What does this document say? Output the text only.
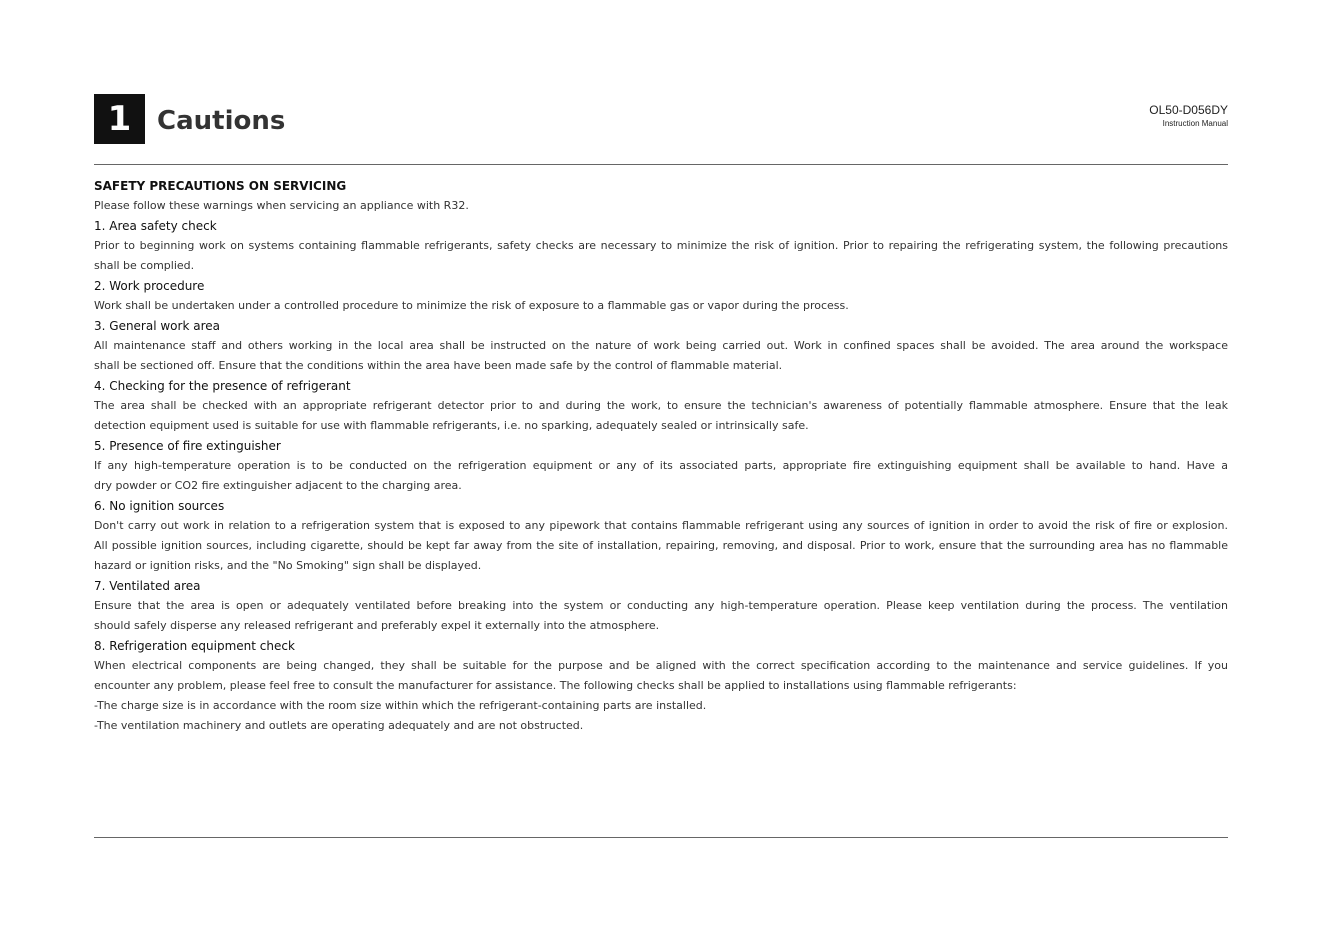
1 Cautions	OL50-D056DY
Instruction Manual
SAFETY PRECAUTIONS ON SERVICING
Please follow these warnings when servicing an appliance with R32.
1. Area safety check
Prior to beginning work on systems containing flammable refrigerants, safety checks are necessary to minimize the risk of ignition. Prior to repairing the refrigerating system, the following precautions
shall be complied.
2. Work procedure
Work shall be undertaken under a controlled procedure to minimize the risk of exposure to a flammable gas or vapor during the process.
3. General work area
All maintenance staff and others working in the local area shall be instructed on the nature of work being carried out. Work in confined spaces shall be avoided. The area around the workspace
shall be sectioned off. Ensure that the conditions within the area have been made safe by the control of flammable material.
4. Checking for the presence of refrigerant
The area shall be checked with an appropriate refrigerant detector prior to and during the work, to ensure the technician's awareness of potentially flammable atmosphere. Ensure that the leak
detection equipment used is suitable for use with flammable refrigerants, i.e. no sparking, adequately sealed or intrinsically safe.
5. Presence of fire extinguisher
If any high-temperature operation is to be conducted on the refrigeration equipment or any of its associated parts, appropriate fire extinguishing equipment shall be available to hand. Have a
dry powder or CO2 fire extinguisher adjacent to the charging area.
6. No ignition sources
Don't carry out work in relation to a refrigeration system that is exposed to any pipework that contains flammable refrigerant using any sources of ignition in order to avoid the risk of fire or explosion.
All possible ignition sources, including cigarette, should be kept far away from the site of installation, repairing, removing, and disposal. Prior to work, ensure that the surrounding area has no flammable
hazard or ignition risks, and the "No Smoking" sign shall be displayed.
7. Ventilated area
Ensure that the area is open or adequately ventilated before breaking into the system or conducting any high-temperature operation. Please keep ventilation during the process. The ventilation
should safely disperse any released refrigerant and preferably expel it externally into the atmosphere.
8. Refrigeration equipment check
When electrical components are being changed, they shall be suitable for the purpose and be aligned with the correct specification according to the maintenance and service guidelines. If you
encounter any problem, please feel free to consult the manufacturer for assistance. The following checks shall be applied to installations using flammable refrigerants:
-The charge size is in accordance with the room size within which the refrigerant-containing parts are installed.
-The ventilation machinery and outlets are operating adequately and are not obstructed.
